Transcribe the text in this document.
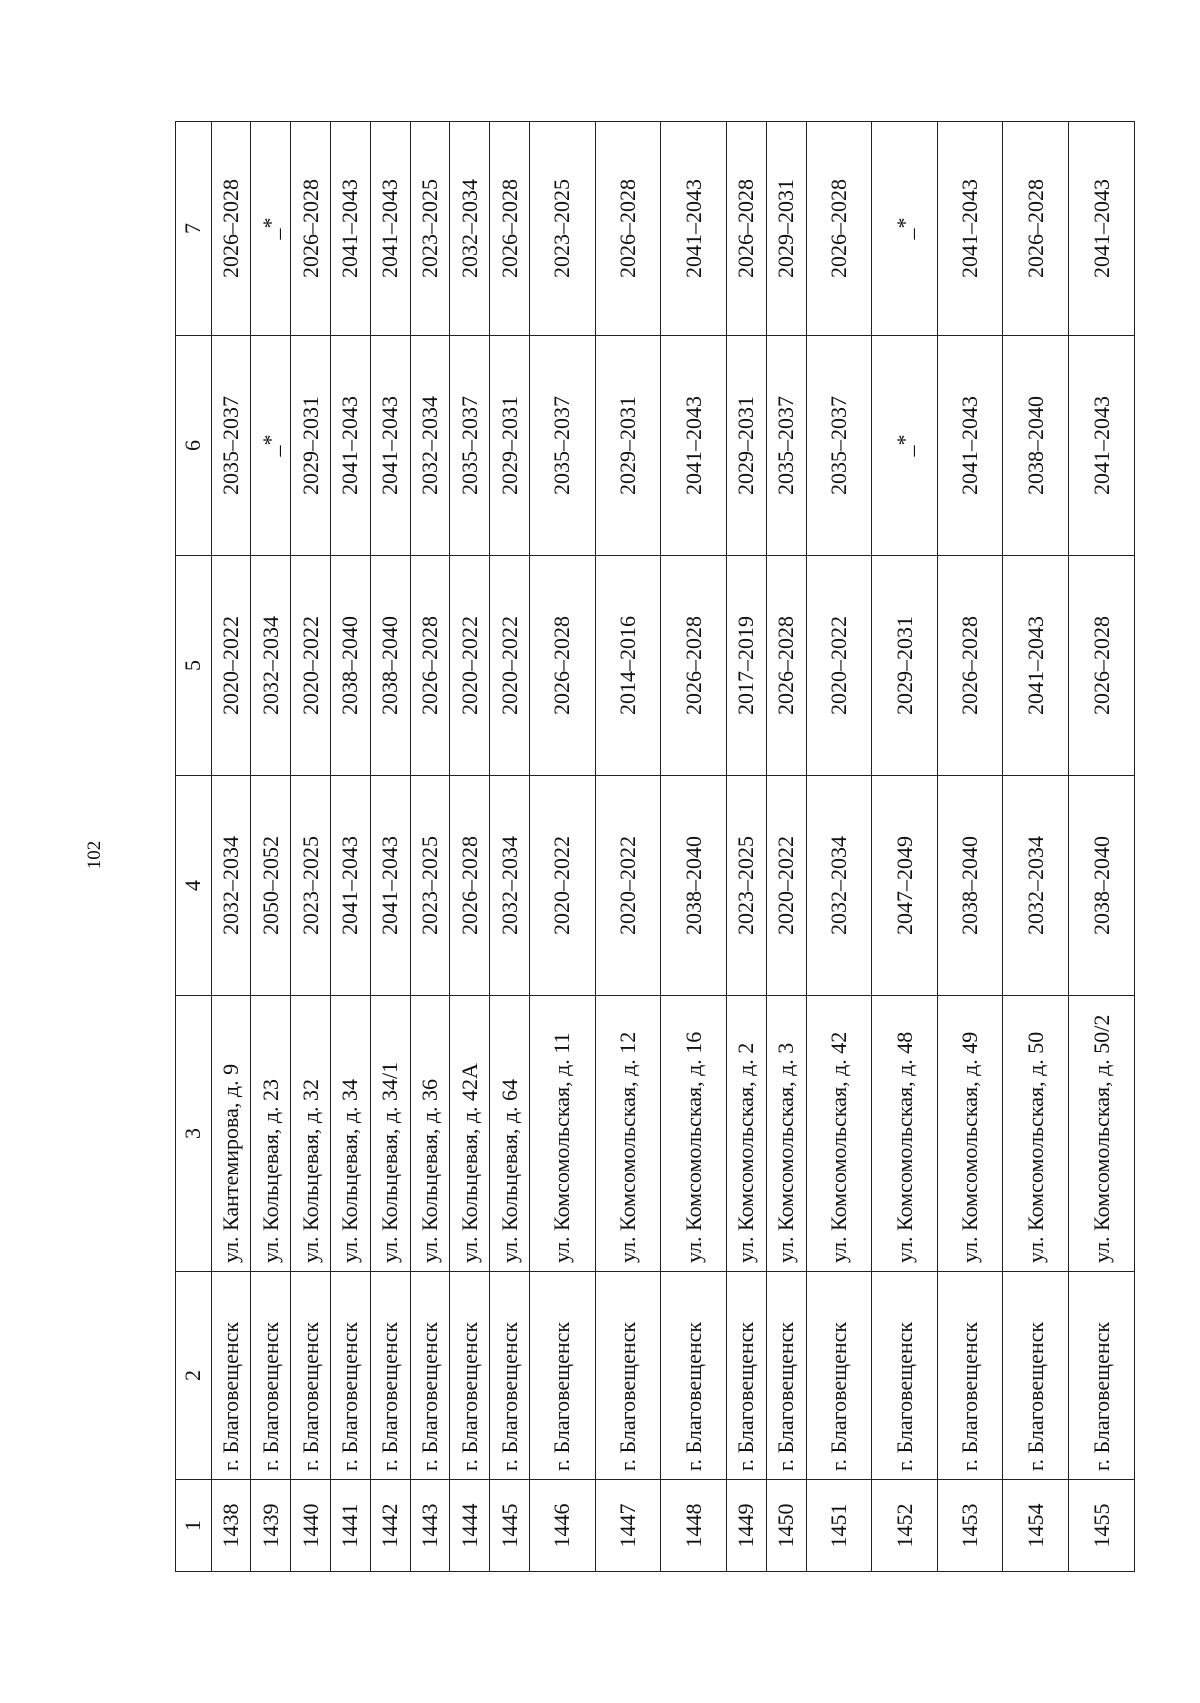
102
1	2	3	4	5	6	7
1438	г. Благовещенск	ул. Кантемирова, д. 9	2032–2034	2020–2022	2035–2037	2026–2028
1439	г. Благовещенск	ул. Кольцевая, д. 23	2050–2052	2032–2034	_*	_*
1440	г. Благовещенск	ул. Кольцевая, д. 32	2023–2025	2020–2022	2029–2031	2026–2028
1441	г. Благовещенск	ул. Кольцевая, д. 34	2041–2043	2038–2040	2041–2043	2041–2043
1442	г. Благовещенск	ул. Кольцевая, д. 34/1	2041–2043	2038–2040	2041–2043	2041–2043
1443	г. Благовещенск	ул. Кольцевая, д. 36	2023–2025	2026–2028	2032–2034	2023–2025
1444	г. Благовещенск	ул. Кольцевая, д. 42А	2026–2028	2020–2022	2035–2037	2032–2034
1445	г. Благовещенск	ул. Кольцевая, д. 64	2032–2034	2020–2022	2029–2031	2026–2028
1446	г. Благовещенск	ул. Комсомольская, д. 11	2020–2022	2026–2028	2035–2037	2023–2025
1447	г. Благовещенск	ул. Комсомольская, д. 12	2020–2022	2014–2016	2029–2031	2026–2028
1448	г. Благовещенск	ул. Комсомольская, д. 16	2038–2040	2026–2028	2041–2043	2041–2043
1449	г. Благовещенск	ул. Комсомольская, д. 2	2023–2025	2017–2019	2029–2031	2026–2028
1450	г. Благовещенск	ул. Комсомольская, д. 3	2020–2022	2026–2028	2035–2037	2029–2031
1451	г. Благовещенск	ул. Комсомольская, д. 42	2032–2034	2020–2022	2035–2037	2026–2028
1452	г. Благовещенск	ул. Комсомольская, д. 48	2047–2049	2029–2031	_*	_*
1453	г. Благовещенск	ул. Комсомольская, д. 49	2038–2040	2026–2028	2041–2043	2041–2043
1454	г. Благовещенск	ул. Комсомольская, д. 50	2032–2034	2041–2043	2038–2040	2026–2028
1455	г. Благовещенск	ул. Комсомольская, д. 50/2	2038–2040	2026–2028	2041–2043	2041–2043
